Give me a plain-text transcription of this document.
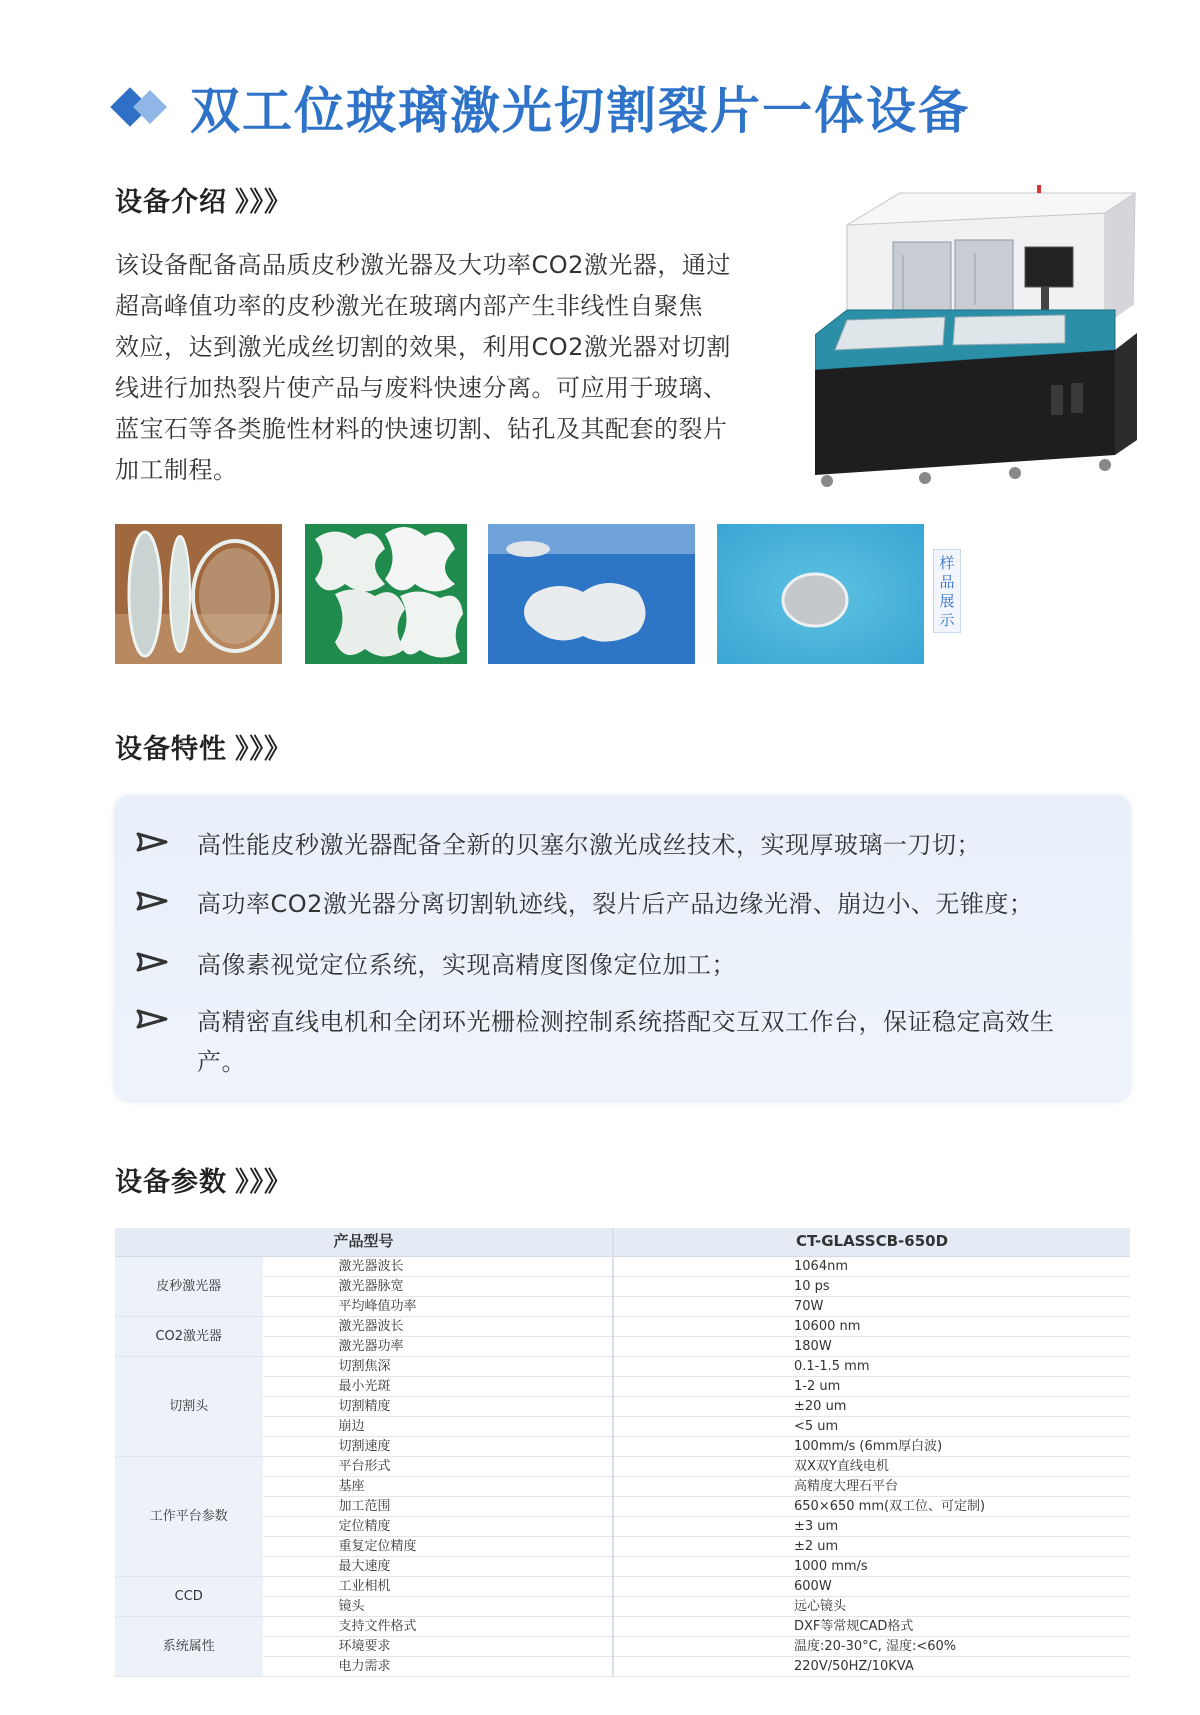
双工位玻璃激光切割裂片一体设备
设备介绍 》》》
该设备配备高品质皮秒激光器及大功率CO2激光器，通过
超高峰值功率的皮秒激光在玻璃内部产生非线性自聚焦
效应，达到激光成丝切割的效果，利用CO2激光器对切割
线进行加热裂片使产品与废料快速分离。可应用于玻璃、
蓝宝石等各类脆性材料的快速切割、钻孔及其配套的裂片
加工制程。
样
品
展
示
设备特性 》》》
高性能皮秒激光器配备全新的贝塞尔激光成丝技术，实现厚玻璃一刀切；
高功率CO2激光器分离切割轨迹线，裂片后产品边缘光滑、崩边小、无锥度；
高像素视觉定位系统，实现高精度图像定位加工；
高精密直线电机和全闭环光栅检测控制系统搭配交互双工作台，保证稳定高效生
产。
设备参数 》》》
产品型号		CT-GLASSCB-650D
皮秒激光器	激光器波长	1064nm
	激光器脉宽	10 ps
	平均峰值功率	70W
CO2激光器	激光器波长	10600 nm
	激光器功率	180W
切割头	切割焦深	0.1-1.5 mm
	最小光斑	1-2 um
	切割精度	±20 um
	崩边	<5 um
	切割速度	100mm/s (6mm厚白波)
工作平台参数	平台形式	双X双Y直线电机
	基座	高精度大理石平台
	加工范围	650×650 mm(双工位、可定制)
	定位精度	±3 um
	重复定位精度	±2 um
	最大速度	1000 mm/s
CCD	工业相机	600W
	镜头	远心镜头
系统属性	支持文件格式	DXF等常规CAD格式
	环境要求	温度:20-30°C, 湿度:<60%
	电力需求	220V/50HZ/10KVA
